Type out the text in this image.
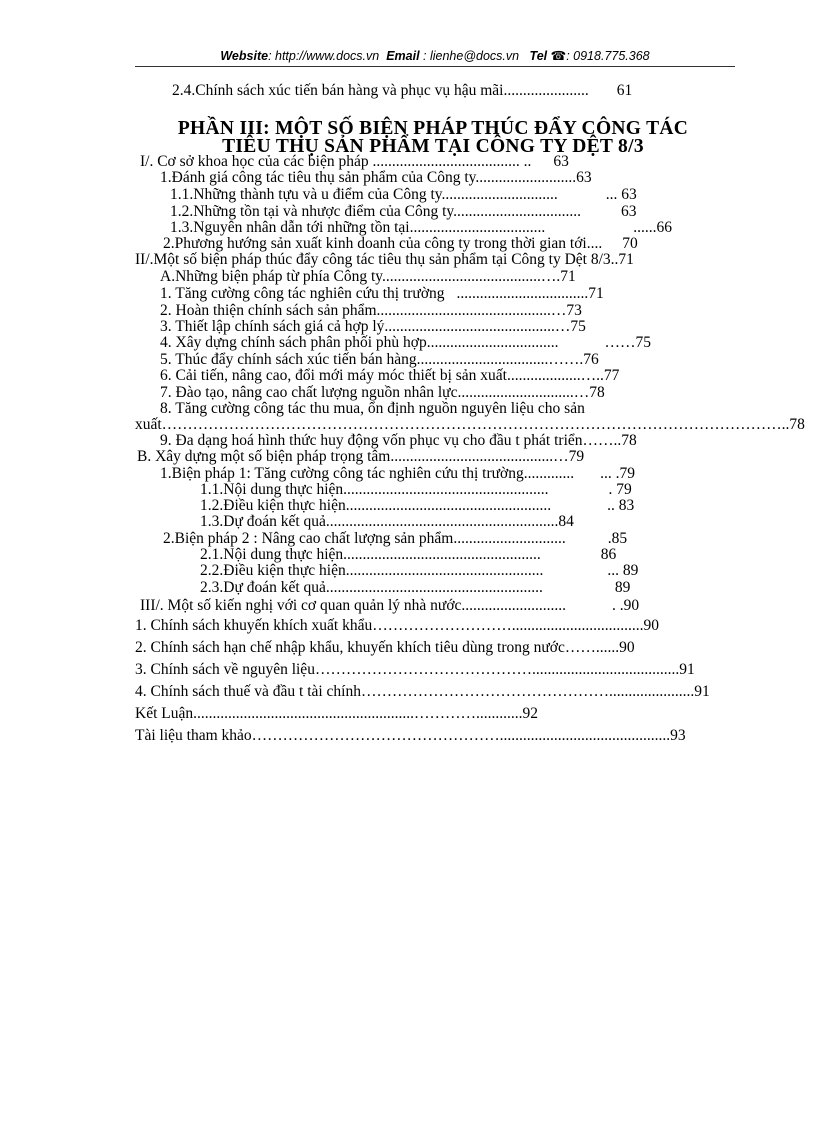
Website: http://www.docs.vn Email : lienhe@docs.vn Tel ☎: 0918.775.368
2.4.Chính sách xúc tiến bán hàng và phục vụ hậu mãi...................... 61
PHẦN III: MỘT SỐ BIỆN PHÁP THÚC ĐẨY CÔNG TÁC
TIÊU THỤ SẢN PHẨM TẠI CÔNG TY DỆT 8/3
I/. Cơ sở khoa học của các biện pháp ...................................... .. 63
1.Đánh giá công tác tiêu thụ sản phẩm của Công ty..........................63
1.1.Những thành tựu và u điểm của Công ty..............................	... 63
1.2.Những tồn tại và nhược điểm của Công ty.................................	63
1.3.Nguyên nhân dẫn tới những tồn tại...................................	......66
2.Phương hướng sản xuất kinh doanh của công ty trong thời gian tới.... 70
II/.Một số biện pháp thúc đẩy công tác tiêu thụ sản phẩm tại Công ty Dệt 8/3..71
A.Những biện pháp từ phía Công ty.........................................….71
1. Tăng cường công tác nghiên cứu thị trường ..................................71
2. Hoàn thiện chính sách sản phẩm.............................................…73
3. Thiết lập chính sách giá cả hợp lý............................................…75
4. Xây dựng chính sách phân phối phù hợp..................................	……75
5. Thúc đẩy chính sách xúc tiến bán hàng..................................…….76
6. Cải tiến, nâng cao, đổi mới máy móc thiết bị sản xuất...................…..77
7. Đào tạo, nâng cao chất lượng nguồn nhân lực..............................…78
8. Tăng cường công tác thu mua, ổn định nguồn nguyên liệu cho sản
xuất…………………………………………………………………………………………………………..78
9. Đa dạng hoá hình thức huy động vốn phục vụ cho đầu t phát triển……..78
B. Xây dựng một số biện pháp trọng tâm..........................................…79
1.Biện pháp 1: Tăng cường công tác nghiên cứu thị trường............. ... .79
1.1.Nội dung thực hiện.....................................................	. 79
1.2.Điều kiện thực hiện.....................................................	.. 83
1.3.Dự đoán kết quả............................................................84
2.Biện pháp 2 : Nâng cao chất lượng sản phẩm.............................	.85
2.1.Nội dung thực hiện...................................................	86
2.2.Điều kiện thực hiện...................................................	... 89
2.3.Dự đoán kết quả........................................................	89
III/. Một số kiến nghị với cơ quan quản lý nhà nước...........................	. .90
1. Chính sách khuyến khích xuất khẩu………………………..................................90
2. Chính sách hạn chế nhập khẩu, khuyến khích tiêu dùng trong nước……......90
3. Chính sách về nguyên liệu……………………………………......................................91
4. Chính sách thuế và đầu t tài chính…………………………………………......................91
Kết Luận.........................................................…………............92
Tài liệu tham khảo…………………………………………............................................93
